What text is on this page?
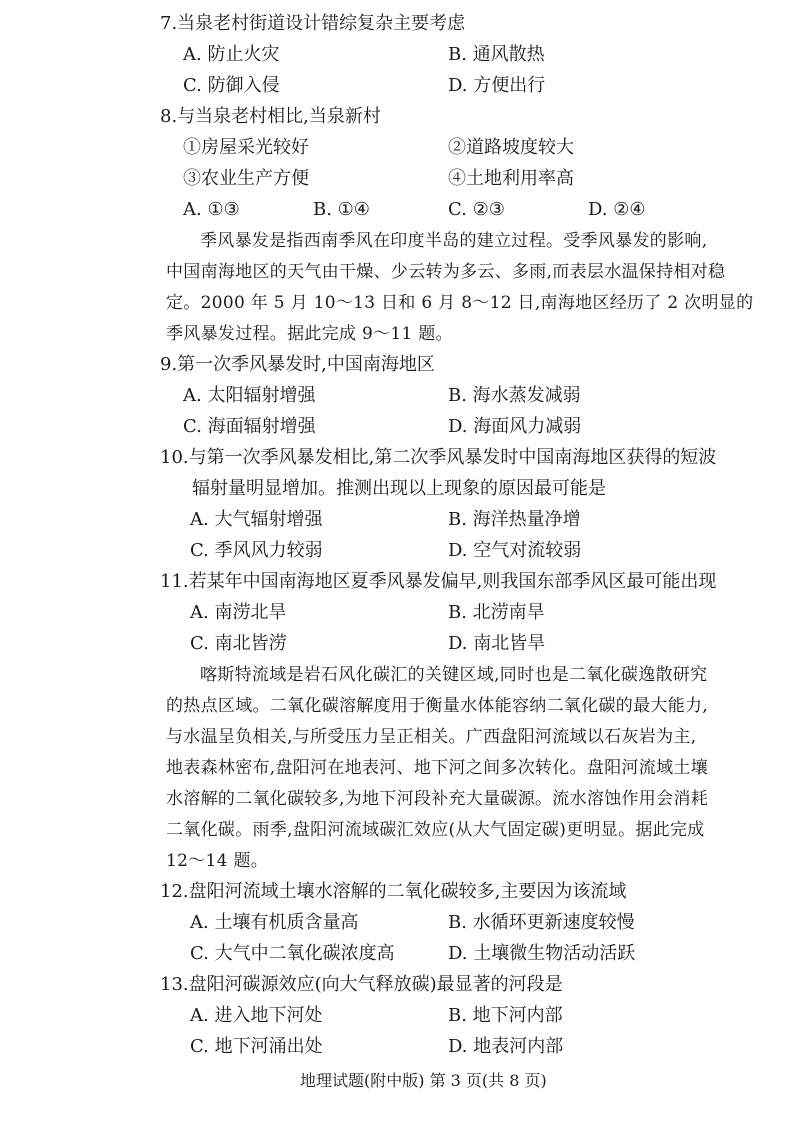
7.当泉老村街道设计错综复杂主要考虑
A. 防止火灾	B. 通风散热
C. 防御入侵	D. 方便出行
8.与当泉老村相比,当泉新村
①房屋采光较好	②道路坡度较大
③农业生产方便	④土地利用率高
A. ①③	B. ①④	C. ②③	D. ②④
季风暴发是指西南季风在印度半岛的建立过程。受季风暴发的影响,
中国南海地区的天气由干燥、少云转为多云、多雨,而表层水温保持相对稳
定。2000 年 5 月 10～13 日和 6 月 8～12 日,南海地区经历了 2 次明显的
季风暴发过程。据此完成 9～11 题。
9.第一次季风暴发时,中国南海地区
A. 太阳辐射增强	B. 海水蒸发减弱
C. 海面辐射增强	D. 海面风力减弱
10.与第一次季风暴发相比,第二次季风暴发时中国南海地区获得的短波
辐射量明显增加。推测出现以上现象的原因最可能是
A. 大气辐射增强	B. 海洋热量净增
C. 季风风力较弱	D. 空气对流较弱
11.若某年中国南海地区夏季风暴发偏早,则我国东部季风区最可能出现
A. 南涝北旱	B. 北涝南旱
C. 南北皆涝	D. 南北皆旱
喀斯特流域是岩石风化碳汇的关键区域,同时也是二氧化碳逸散研究
的热点区域。二氧化碳溶解度用于衡量水体能容纳二氧化碳的最大能力,
与水温呈负相关,与所受压力呈正相关。广西盘阳河流域以石灰岩为主,
地表森林密布,盘阳河在地表河、地下河之间多次转化。盘阳河流域土壤
水溶解的二氧化碳较多,为地下河段补充大量碳源。流水溶蚀作用会消耗
二氧化碳。雨季,盘阳河流域碳汇效应(从大气固定碳)更明显。据此完成
12～14 题。
12.盘阳河流域土壤水溶解的二氧化碳较多,主要因为该流域
A. 土壤有机质含量高	B. 水循环更新速度较慢
C. 大气中二氧化碳浓度高	D. 土壤微生物活动活跃
13.盘阳河碳源效应(向大气释放碳)最显著的河段是
A. 进入地下河处	B. 地下河内部
C. 地下河涌出处	D. 地表河内部
地理试题(附中版) 第 3 页(共 8 页)
